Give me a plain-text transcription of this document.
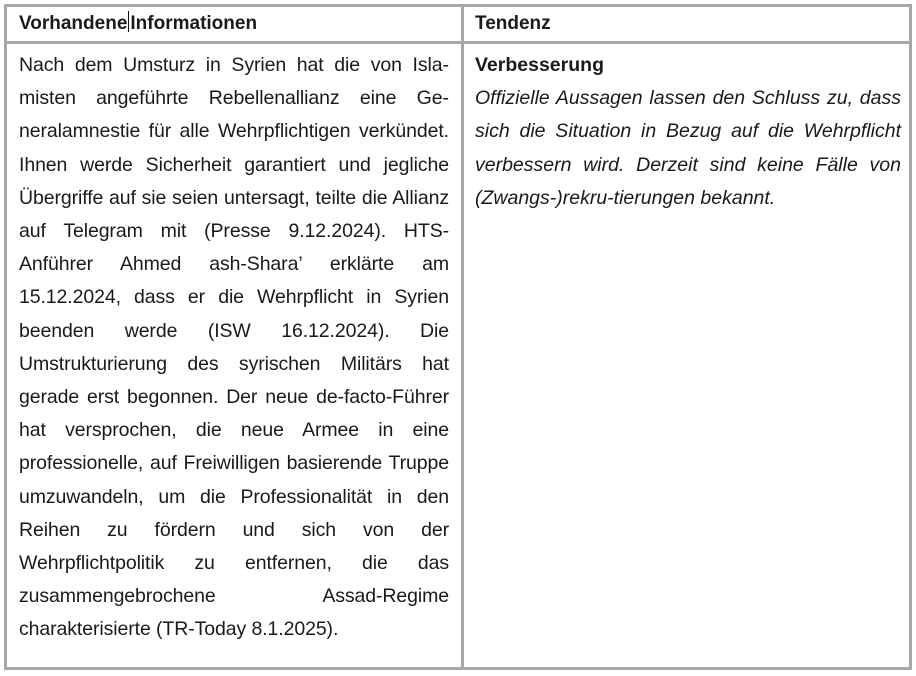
Vorhandene Informationen	Tendenz
Nach dem Umsturz in Syrien hat die von Islamisten angeführte Rebellenallianz eine Generalamnestie für alle Wehrpflichtigen verkündet. Ihnen werde Sicherheit garantiert und jegliche Übergriffe auf sie seien untersagt, teilte die Allianz auf Telegram mit (Presse 9.12.2024). HTS-Anführer Ahmed ash-Shara’ erklärte am 15.12.2024, dass er die Wehrpflicht in Syrien beenden werde (ISW 16.12.2024). Die Umstrukturierung des syrischen Militärs hat gerade erst begonnen. Der neue de-facto-Führer hat versprochen, die neue Armee in eine professionelle, auf Freiwilligen basierende Truppe umzuwandeln, um die Professionalität in den Reihen zu fördern und sich von der Wehrpflichtpolitik zu entfernen, die das zusammengebrochene Assad-Regime charakterisierte (TR-Today 8.1.2025).
Verbesserung
Offizielle Aussagen lassen den Schluss zu, dass sich die Situation in Bezug auf die Wehrpflicht verbessern wird. Derzeit sind keine Fälle von (Zwangs-)rekru-tierungen bekannt.
